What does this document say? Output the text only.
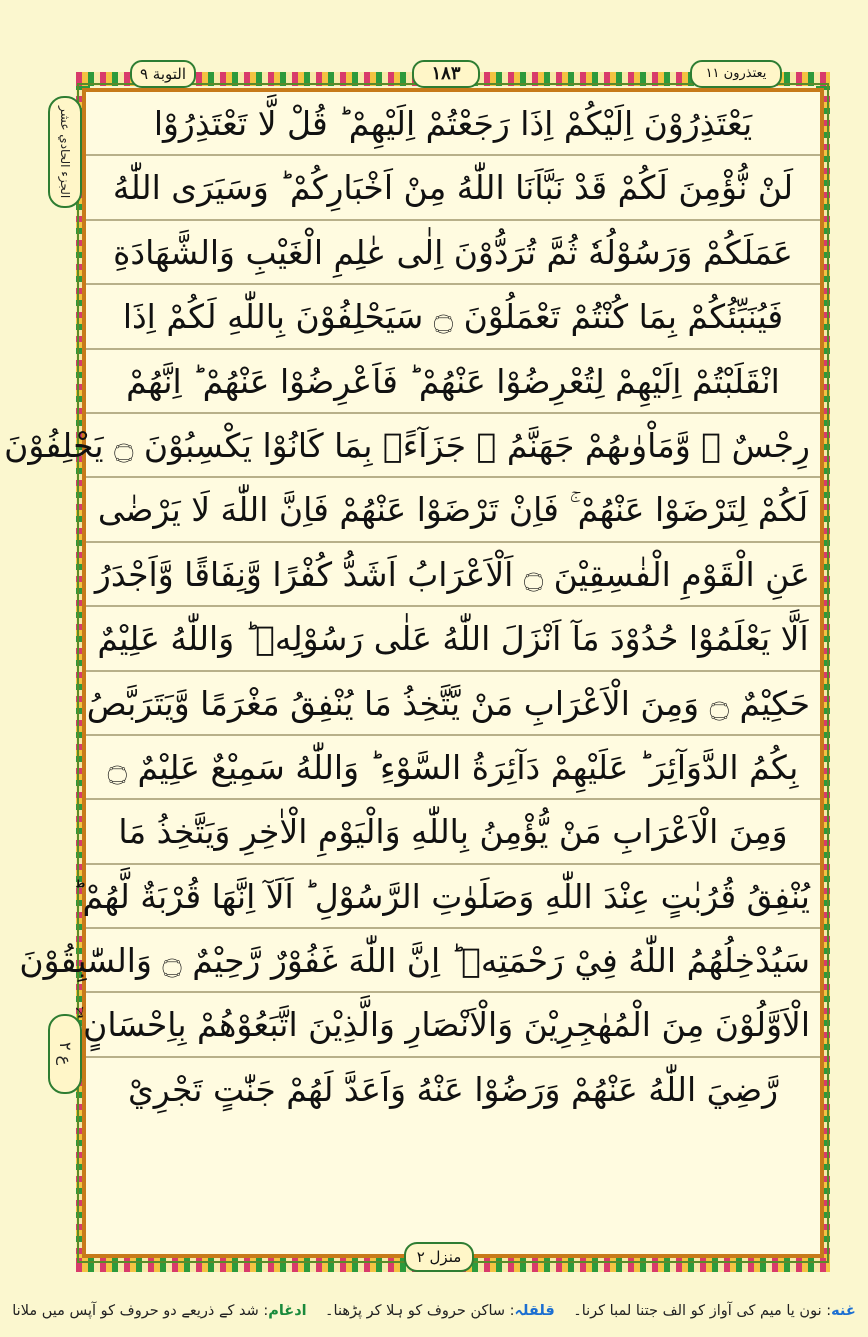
التوبة ٩	١٨٣	يعتذرون ١١
الجزء الحادي عشر
ع ٢
يَعْتَذِرُوْنَ اِلَيْكُمْ اِذَا رَجَعْتُمْ اِلَيْهِمْ ؕ قُلْ لَّا تَعْتَذِرُوْا
لَنْ نُّؤْمِنَ لَكُمْ قَدْ نَبَّاَنَا اللّٰهُ مِنْ اَخْبَارِكُمْ ؕ وَسَيَرَى اللّٰهُ
عَمَلَكُمْ وَرَسُوْلُهٗ ثُمَّ تُرَدُّوْنَ اِلٰى عٰلِمِ الْغَيْبِ وَالشَّهَادَةِ
فَيُنَبِّئُكُمْ بِمَا كُنْتُمْ تَعْمَلُوْنَ ۝ سَيَحْلِفُوْنَ بِاللّٰهِ لَكُمْ اِذَا
انْقَلَبْتُمْ اِلَيْهِمْ لِتُعْرِضُوْا عَنْهُمْ ؕ فَاَعْرِضُوْا عَنْهُمْ ؕ اِنَّهُمْ
رِجْسٌ ؗ وَّمَاْوٰىهُمْ جَهَنَّمُ ۚ جَزَآءًۢ بِمَا كَانُوْا يَكْسِبُوْنَ ۝ يَحْلِفُوْنَ
لَكُمْ لِتَرْضَوْا عَنْهُمْ ۚ فَاِنْ تَرْضَوْا عَنْهُمْ فَاِنَّ اللّٰهَ لَا يَرْضٰى
عَنِ الْقَوْمِ الْفٰسِقِيْنَ ۝ اَلْاَعْرَابُ اَشَدُّ كُفْرًا وَّنِفَاقًا وَّاَجْدَرُ
اَلَّا يَعْلَمُوْا حُدُوْدَ مَآ اَنْزَلَ اللّٰهُ عَلٰى رَسُوْلِهٖ ؕ وَاللّٰهُ عَلِيْمٌ
حَكِيْمٌ ۝ وَمِنَ الْاَعْرَابِ مَنْ يَّتَّخِذُ مَا يُنْفِقُ مَغْرَمًا وَّيَتَرَبَّصُ
بِكُمُ الدَّوَآئِرَ ؕ عَلَيْهِمْ دَآئِرَةُ السَّوْءِ ؕ وَاللّٰهُ سَمِيْعٌ عَلِيْمٌ ۝
وَمِنَ الْاَعْرَابِ مَنْ يُّؤْمِنُ بِاللّٰهِ وَالْيَوْمِ الْاٰخِرِ وَيَتَّخِذُ مَا
يُنْفِقُ قُرُبٰتٍ عِنْدَ اللّٰهِ وَصَلَوٰتِ الرَّسُوْلِ ؕ اَلَآ اِنَّهَا قُرْبَةٌ لَّهُمْ ؕ
سَيُدْخِلُهُمُ اللّٰهُ فِيْ رَحْمَتِهٖ ؕ اِنَّ اللّٰهَ غَفُوْرٌ رَّحِيْمٌ ۝ وَالسّٰبِقُوْنَ
الْاَوَّلُوْنَ مِنَ الْمُهٰجِرِيْنَ وَالْاَنْصَارِ وَالَّذِيْنَ اتَّبَعُوْهُمْ بِاِحْسَانٍ ۙ
رَّضِيَ اللّٰهُ عَنْهُمْ وَرَضُوْا عَنْهُ وَاَعَدَّ لَهُمْ جَنّٰتٍ تَجْرِيْ
منزل ٢
غنه: نون یا میم کی آواز کو الف جتنا لمبا کرنا۔    قلقلہ: ساکن حروف کو ہلا کر پڑھنا۔    ادغام: شد کے ذریعے دو حروف کو آپس میں ملانا
